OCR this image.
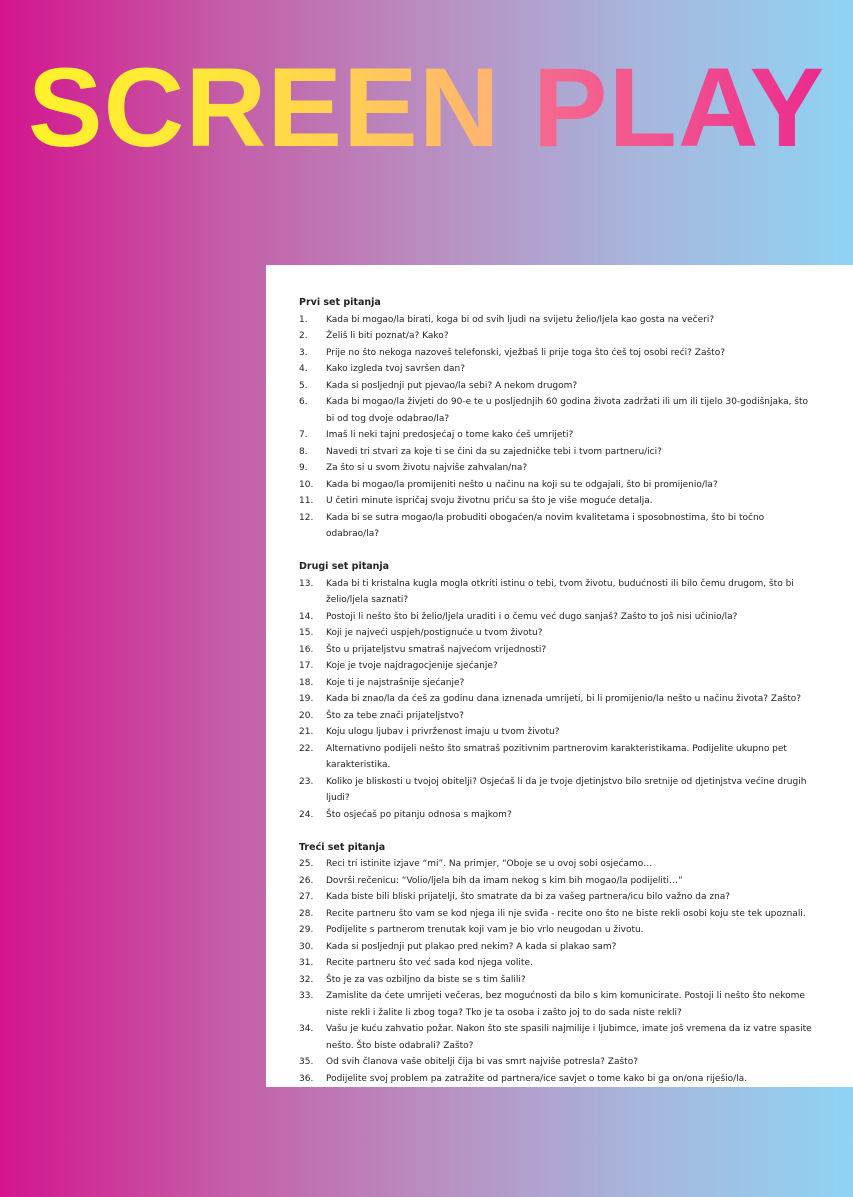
SCREEN PLAY
Prvi set pitanja
1.	Kada bi mogao/la birati, koga bi od svih ljudi na svijetu želio/ljela kao gosta na večeri?
2.	Želiš li biti poznat/a? Kako?
3.	Prije no što nekoga nazoveš telefonski, vježbaš li prije toga što ćeš toj osobi reći? Zašto?
4.	Kako izgleda tvoj savršen dan?
5.	Kada si posljednji put pjevao/la sebi? A nekom drugom?
6.	Kada bi mogao/la živjeti do 90-e te u posljednjih 60 godina života zadržati ili um ili tijelo 30-godišnjaka, što bi od tog dvoje odabrao/la?
7.	Imaš li neki tajni predosjećaj o tome kako ćeš umrijeti?
8.	Navedi tri stvari za koje ti se čini da su zajedničke tebi i tvom partneru/ici?
9.	Za što si u svom životu najviše zahvalan/na?
10.	Kada bi mogao/la promijeniti nešto u načinu na koji su te odgajali, što bi promijenio/la?
11.	U četiri minute ispričaj svoju životnu priču sa što je više moguće detalja.
12.	Kada bi se sutra mogao/la probuditi obogaćen/a novim kvalitetama i sposobnostima, što bi točno odabrao/la?
Drugi set pitanja
13.	Kada bi ti kristalna kugla mogla otkriti istinu o tebi, tvom životu, budućnosti ili bilo čemu drugom, što bi želio/ljela saznati?
14.	Postoji li nešto što bi želio/ljela uraditi i o čemu već dugo sanjaš? Zašto to još nisi učinio/la?
15.	Koji je najveći uspjeh/postignuće u tvom životu?
16.	Što u prijateljstvu smatraš najvećom vrijednosti?
17.	Koje je tvoje najdragocjenije sjećanje?
18.	Koje ti je najstrašnije sjećanje?
19.	Kada bi znao/la da ćeš za godinu dana iznenada umrijeti, bi li promijenio/la nešto u načinu života? Zašto?
20.	Što za tebe znači prijateljstvo?
21.	Koju ulogu ljubav i privrženost imaju u tvom životu?
22.	Alternativno podijeli nešto što smatraš pozitivnim partnerovim karakteristikama. Podijelite ukupno pet karakteristika.
23.	Koliko je bliskosti u tvojoj obitelji? Osjećaš li da je tvoje djetinjstvo bilo sretnije od djetinjstva većine drugih ljudi?
24.	Što osjećaš po pitanju odnosa s majkom?
Treći set pitanja
25.	Reci tri istinite izjave “mi”. Na primjer, “Oboje se u ovoj sobi osjećamo…
26.	Dovrši rečenicu: “Volio/ljela bih da imam nekog s kim bih mogao/la podijeliti…”
27.	Kada biste bili bliski prijatelji, što smatrate da bi za vašeg partnera/icu bilo važno da zna?
28.	Recite partneru što vam se kod njega ili nje sviđa - recite ono što ne biste rekli osobi koju ste tek upoznali.
29.	Podijelite s partnerom trenutak koji vam je bio vrlo neugodan u životu.
30.	Kada si posljednji put plakao pred nekim? A kada si plakao sam?
31.	Recite partneru što već sada kod njega volite.
32.	Što je za vas ozbiljno da biste se s tim šalili?
33.	Zamislite da ćete umrijeti večeras, bez mogućnosti da bilo s kim komunicirate. Postoji li nešto što nekome niste rekli i žalite li zbog toga? Tko je ta osoba i zašto joj to do sada niste rekli?
34.	Vašu je kuću zahvatio požar. Nakon što ste spasili najmilije i ljubimce, imate još vremena da iz vatre spasite nešto. Što biste odabrali? Zašto?
35.	Od svih članova vaše obitelji čija bi vas smrt najviše potresla? Zašto?
36.	Podijelite svoj problem pa zatražite od partnera/ice savjet o tome kako bi ga on/ona riješio/la.
